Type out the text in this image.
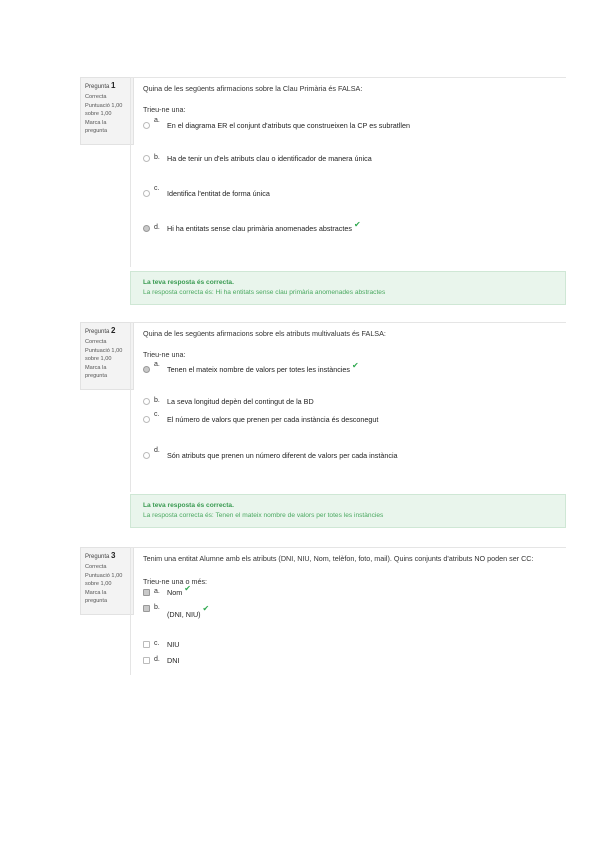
Pregunta 1
Correcta
Puntuació 1,00 sobre 1,00
Marca la pregunta
Quina de les següents afirmacions sobre la Clau Primària és FALSA:
Trieu-ne una:
a.
En el diagrama ER el conjunt d'atributs que construeixen la CP es subratllen
b. Ha de tenir un d'els atributs clau o identificador de manera única
c.
Identifica l'entitat de forma única
d. Hi ha entitats sense clau primària anomenades abstractes ✔
La teva resposta és correcta.
La resposta correcta és: Hi ha entitats sense clau primària anomenades abstractes
Pregunta 2
Correcta
Puntuació 1,00 sobre 1,00
Marca la pregunta
Quina de les següents afirmacions sobre els atributs multivaluats és FALSA:
Trieu-ne una:
a.
Tenen el mateix nombre de valors per totes les instàncies ✔
b. La seva longitud depèn del contingut de la BD
c.
El número de valors que prenen per cada instància és desconegut
d.
Són atributs que prenen un número diferent de valors per cada instància
La teva resposta és correcta.
La resposta correcta és: Tenen el mateix nombre de valors per totes les instàncies
Pregunta 3
Correcta
Puntuació 1,00 sobre 1,00
Marca la pregunta
Tenim una entitat Alumne amb els atributs (DNI, NIU, Nom, telèfon, foto, mail). Quins conjunts d'atributs NO poden ser CC:
Trieu-ne una o més:
a. Nom ✔
b.
(DNI, NIU)
✔
c.	NIU
d. DNI
